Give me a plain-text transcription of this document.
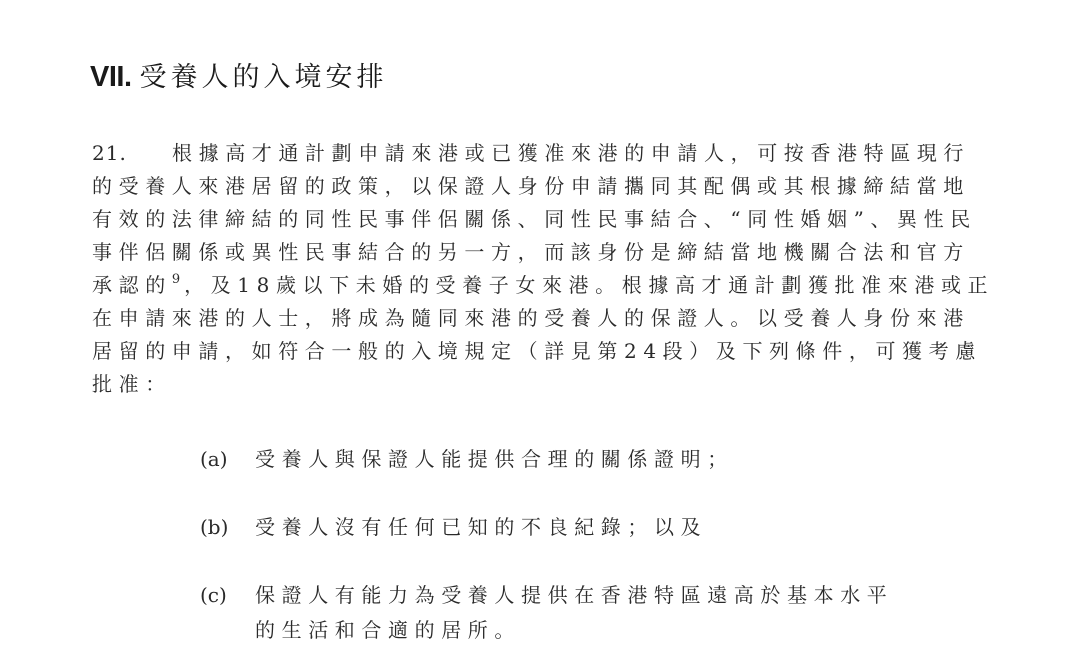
VII. 受養人的入境安排
21. 根據高才通計劃申請來港或已獲准來港的申請人，可按香港特區現行
的受養人來港居留的政策，以保證人身份申請攜同其配偶或其根據締結當地
有效的法律締結的同性民事伴侶關係、同性民事結合、“同性婚姻”、異性民
事伴侶關係或異性民事結合的另一方，而該身份是締結當地機關合法和官方
承認的$^9$ ，及18歲以下未婚的受養子女來港。根據高才通計劃獲批准來港或正
在申請來港的人士，將成為隨同來港的受養人的保證人。以受養人身份來港
居留的申請，如符合一般的入境規定（詳見第24段）及下列條件，可獲考慮
批准：
(a) 受養人與保證人能提供合理的關係證明；
(b) 受養人沒有任何已知的不良紀錄；以及
(c) 保證人有能力為受養人提供在香港特區遠高於基本水平
的生活和合適的居所。
